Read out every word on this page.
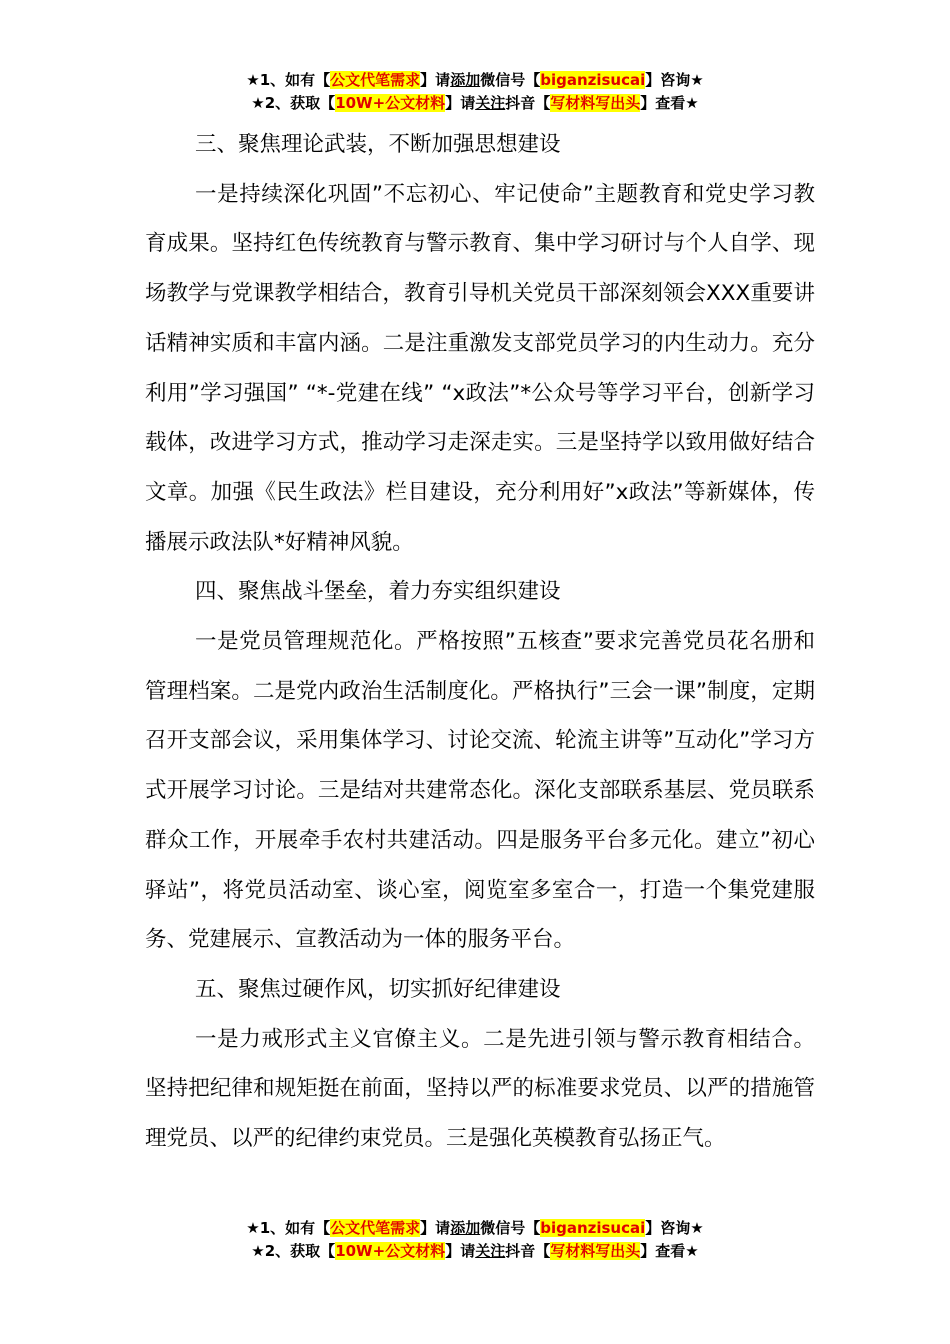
★1、如有【公文代笔需求】请添加微信号【biganzisucai】咨询★
★2、获取【10W+公文材料】请关注抖音【写材料写出头】查看★

三、聚焦理论武装，不断加强思想建设

一是持续深化巩固”不忘初心、牢记使命”主题教育和党史学习教育成果。坚持红色传统教育与警示教育、集中学习研讨与个人自学、现场教学与党课教学相结合，教育引导机关党员干部深刻领会XXX重要讲话精神实质和丰富内涵。二是注重激发支部党员学习的内生动力。充分利用”学习强国” “*-党建在线” “x政法”*公众号等学习平台，创新学习载体，改进学习方式，推动学习走深走实。三是坚持学以致用做好结合文章。加强《民生政法》栏目建设，充分利用好”x政法”等新媒体，传播展示政法队*好精神风貌。

四、聚焦战斗堡垒，着力夯实组织建设

一是党员管理规范化。严格按照”五核查”要求完善党员花名册和管理档案。二是党内政治生活制度化。严格执行”三会一课”制度，定期召开支部会议，采用集体学习、讨论交流、轮流主讲等”互动化”学习方式开展学习讨论。三是结对共建常态化。深化支部联系基层、党员联系群众工作，开展牵手农村共建活动。四是服务平台多元化。建立”初心驿站”，将党员活动室、谈心室，阅览室多室合一，打造一个集党建服务、党建展示、宣教活动为一体的服务平台。

五、聚焦过硬作风，切实抓好纪律建设

一是力戒形式主义官僚主义。二是先进引领与警示教育相结合。坚持把纪律和规矩挺在前面，坚持以严的标准要求党员、以严的措施管理党员、以严的纪律约束党员。三是强化英模教育弘扬正气。

★1、如有【公文代笔需求】请添加微信号【biganzisucai】咨询★
★2、获取【10W+公文材料】请关注抖音【写材料写出头】查看★
